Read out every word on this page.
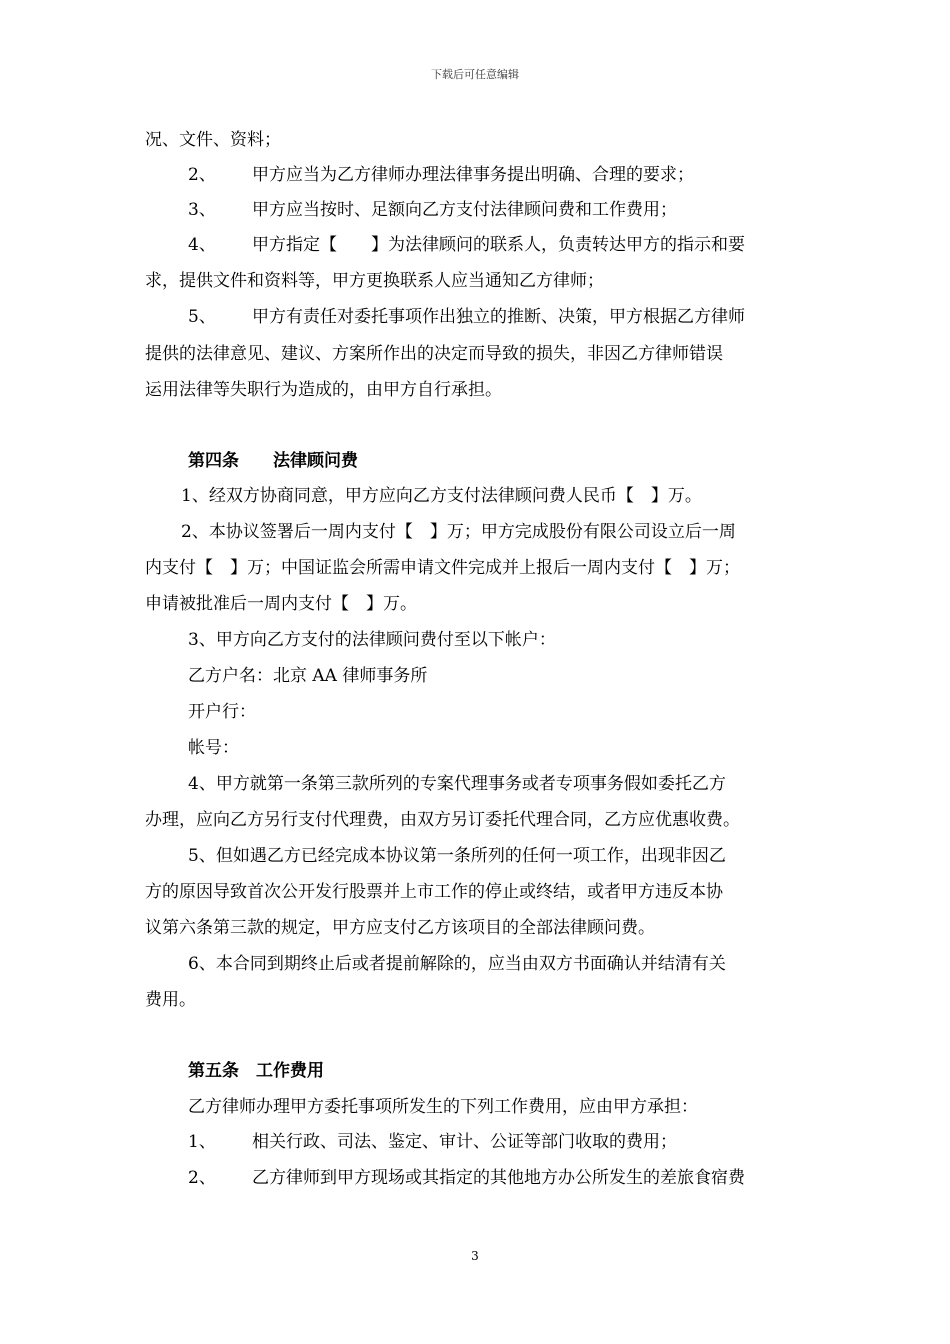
下载后可任意编辑
况、文件、资料；
2、 甲方应当为乙方律师办理法律事务提出明确、合理的要求；
3、 甲方应当按时、足额向乙方支付法律顾问费和工作费用；
4、 甲方指定【　　】为法律顾问的联系人，负责转达甲方的指示和要
求，提供文件和资料等，甲方更换联系人应当通知乙方律师；
5、 甲方有责任对委托事项作出独立的推断、决策，甲方根据乙方律师
提供的法律意见、建议、方案所作出的决定而导致的损失，非因乙方律师错误
运用法律等失职行为造成的，由甲方自行承担。
第四条 法律顾问费
1、经双方协商同意，甲方应向乙方支付法律顾问费人民币【　】万。
2、本协议签署后一周内支付【　】万；甲方完成股份有限公司设立后一周
内支付【　】万；中国证监会所需申请文件完成并上报后一周内支付【　】万；
申请被批准后一周内支付【　】万。
3、甲方向乙方支付的法律顾问费付至以下帐户：
乙方户名：北京 AA 律师事务所
开户行：
帐号：
4、甲方就第一条第三款所列的专案代理事务或者专项事务假如委托乙方
办理，应向乙方另行支付代理费，由双方另订委托代理合同，乙方应优惠收费。
5、但如遇乙方已经完成本协议第一条所列的任何一项工作，出现非因乙
方的原因导致首次公开发行股票并上市工作的停止或终结，或者甲方违反本协
议第六条第三款的规定，甲方应支付乙方该项目的全部法律顾问费。
6、本合同到期终止后或者提前解除的，应当由双方书面确认并结清有关
费用。
第五条 工作费用
乙方律师办理甲方委托事项所发生的下列工作费用，应由甲方承担：
1、 相关行政、司法、鉴定、审计、公证等部门收取的费用；
2、 乙方律师到甲方现场或其指定的其他地方办公所发生的差旅食宿费
3
